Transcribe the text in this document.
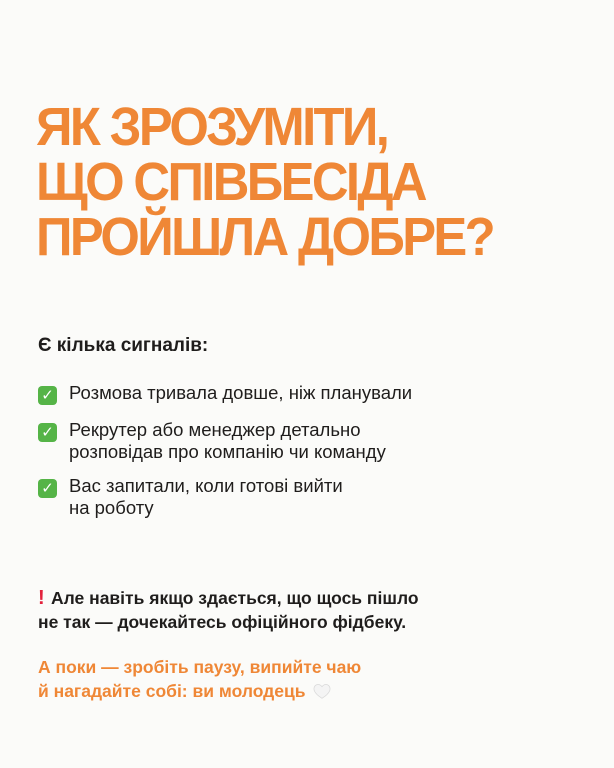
ЯК ЗРОЗУМІТИ,
ЩО СПІВБЕСІДА
ПРОЙШЛА ДОБРЕ?

Є кілька сигналів:

✓ Розмова тривала довше, ніж планували
✓ Рекрутер або менеджер детально
розповідав про компанію чи команду
✓ Вас запитали, коли готові вийти
на роботу
! Але навіть якщо здається, що щось пішло
не так — дочекайтесь офіційного фідбеку.
А поки — зробіть паузу, випийте чаю
й нагадайте собі: ви молодець
